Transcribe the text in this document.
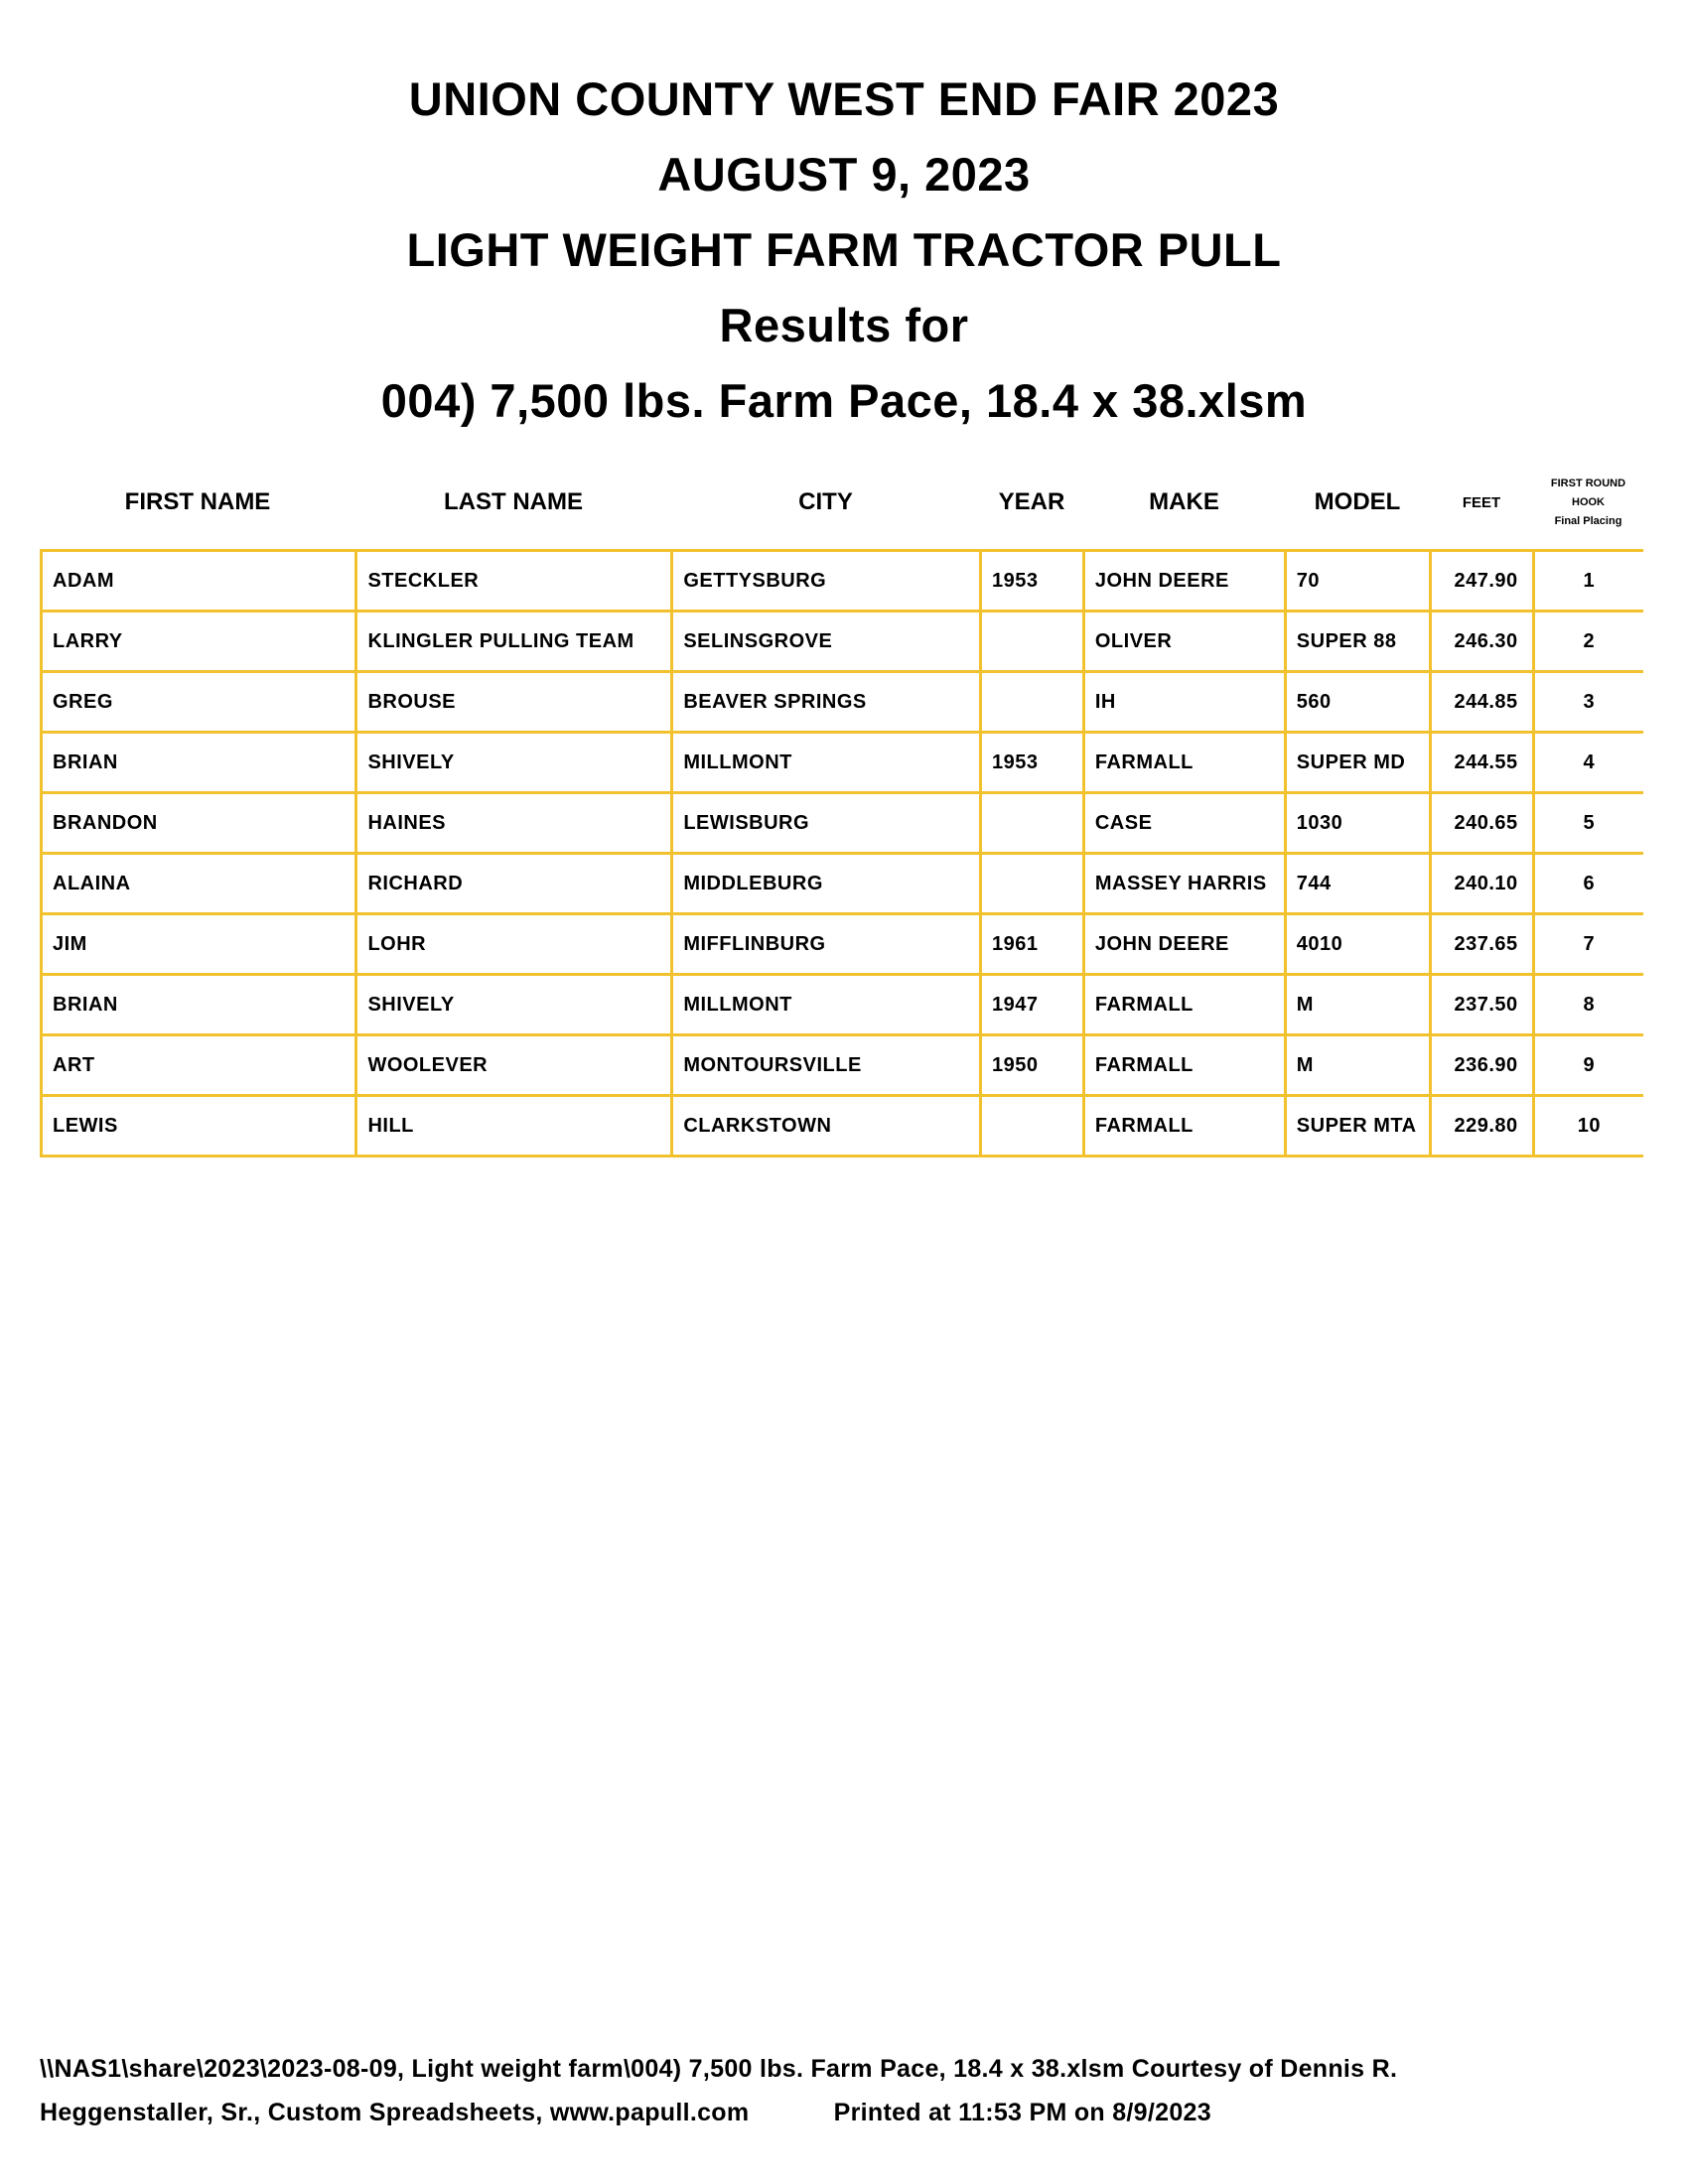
UNION COUNTY WEST END FAIR 2023
AUGUST 9, 2023
LIGHT WEIGHT FARM TRACTOR PULL
Results for
004) 7,500 lbs. Farm Pace, 18.4 x 38.xlsm
FIRST NAME	LAST NAME	CITY	YEAR	MAKE	MODEL	FEET
FIRST ROUND
HOOK
Final Placing
ADAM	STECKLER	GETTYSBURG	1953	JOHN DEERE	70	247.90	1
LARRY	KLINGLER PULLING TEAM	SELINSGROVE		OLIVER	SUPER 88	246.30	2
GREG	BROUSE	BEAVER SPRINGS		IH	560	244.85	3
BRIAN	SHIVELY	MILLMONT	1953	FARMALL	SUPER MD	244.55	4
BRANDON	HAINES	LEWISBURG		CASE	1030	240.65	5
ALAINA	RICHARD	MIDDLEBURG		MASSEY HARRIS	744	240.10	6
JIM	LOHR	MIFFLINBURG	1961	JOHN DEERE	4010	237.65	7
BRIAN	SHIVELY	MILLMONT	1947	FARMALL	M	237.50	8
ART	WOOLEVER	MONTOURSVILLE	1950	FARMALL	M	236.90	9
LEWIS	HILL	CLARKSTOWN		FARMALL	SUPER MTA	229.80	10
\\NAS1\share\2023\2023-08-09, Light weight farm\004) 7,500 lbs. Farm Pace, 18.4 x 38.xlsm Courtesy of Dennis R.
Heggenstaller, Sr., Custom Spreadsheets, www.papull.com	Printed at 11:53 PM on 8/9/2023
